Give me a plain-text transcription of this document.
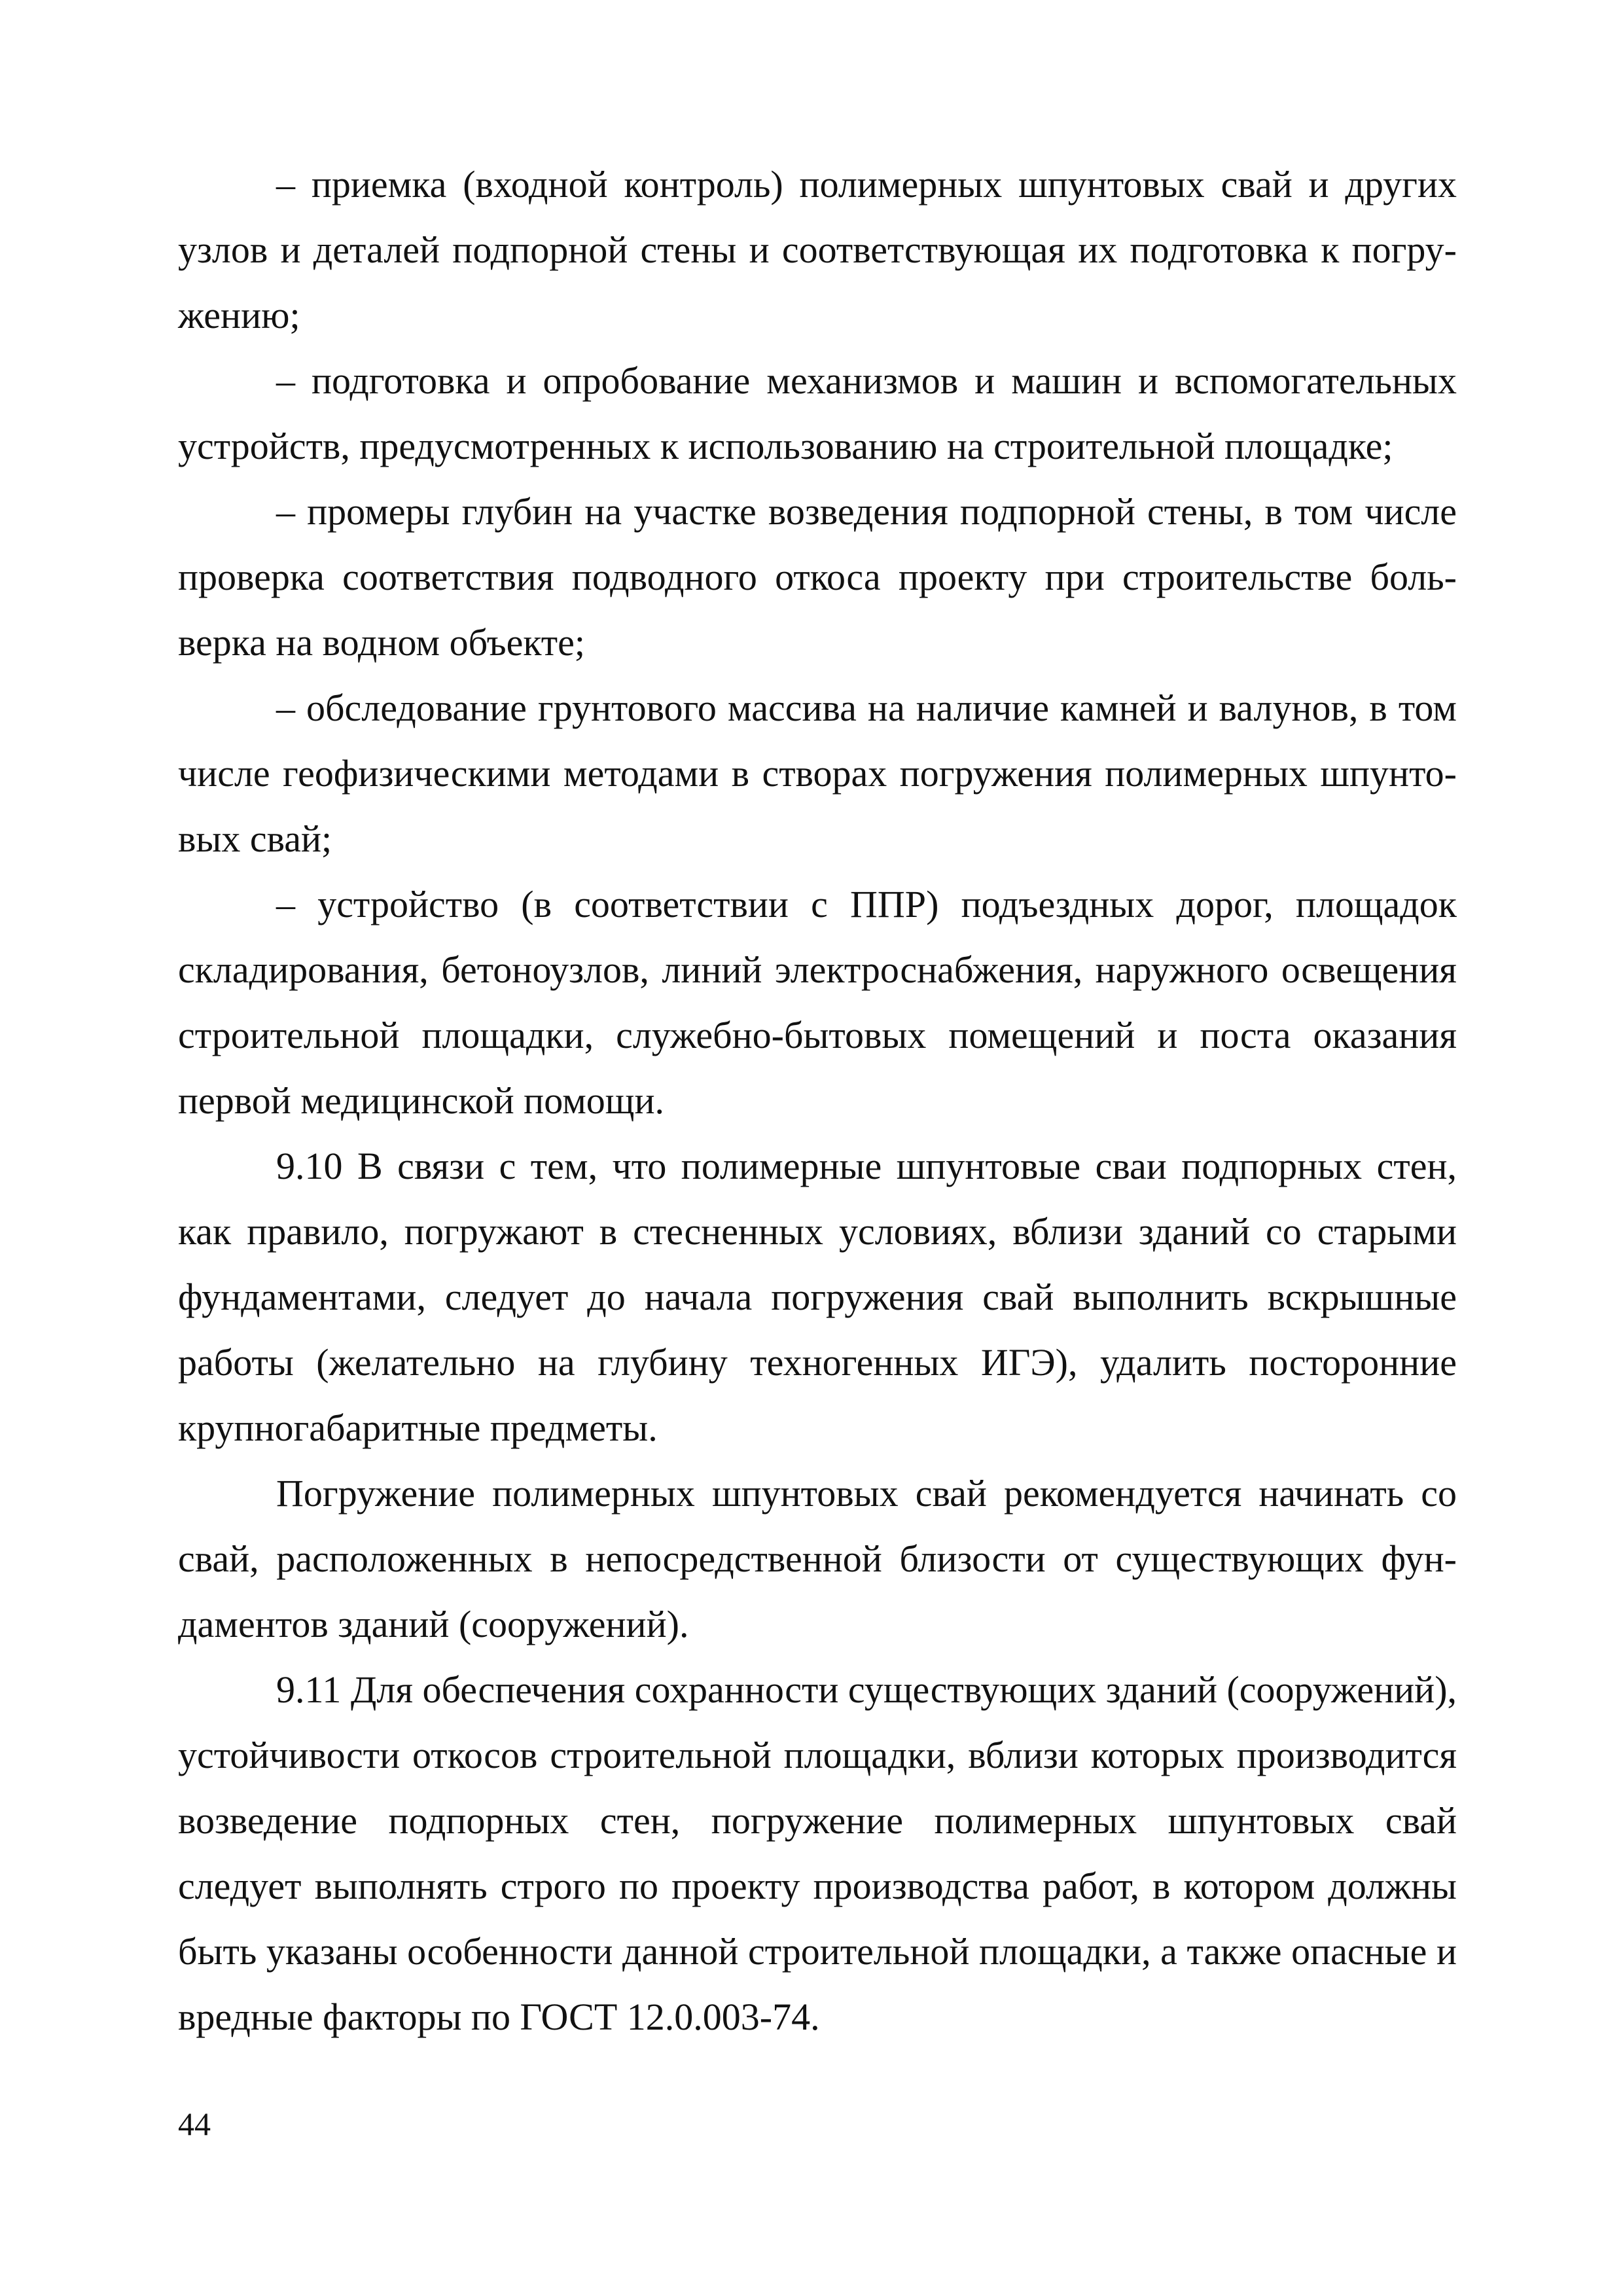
– приемка (входной контроль) полимерных шпунтовых свай и других узлов и деталей подпорной стены и соответствующая их подготовка к погружению;

– подготовка и опробование механизмов и машин и вспомогательных устройств, предусмотренных к использованию на строительной площадке;

– промеры глубин на участке возведения подпорной стены, в том числе проверка соответствия подводного откоса проекту при строительстве больверка на водном объекте;

– обследование грунтового массива на наличие камней и валунов, в том числе геофизическими методами в створах погружения полимерных шпунтовых свай;

– устройство (в соответствии с ППР) подъездных дорог, площадок складирования, бетоноузлов, линий электроснабжения, наружного освещения строительной площадки, служебно-бытовых помещений и поста оказания первой медицинской помощи.

9.10 В связи с тем, что полимерные шпунтовые сваи подпорных стен, как правило, погружают в стесненных условиях, вблизи зданий со старыми фундаментами, следует до начала погружения свай выполнить вскрышные работы (желательно на глубину техногенных ИГЭ), удалить посторонние крупногабаритные предметы.

Погружение полимерных шпунтовых свай рекомендуется начинать со свай, расположенных в непосредственной близости от существующих фундаментов зданий (сооружений).

9.11 Для обеспечения сохранности существующих зданий (сооружений), устойчивости откосов строительной площадки, вблизи которых производится возведение подпорных стен, погружение полимерных шпунтовых свай следует выполнять строго по проекту производства работ, в котором должны быть указаны особенности данной строительной площадки, а также опасные и вредные факторы по ГОСТ 12.0.003-74.

44
